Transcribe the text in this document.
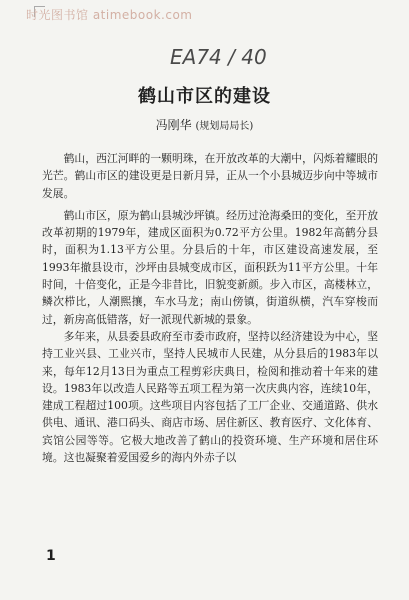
时光图书馆 atimebook.com
EA74 / 40
鹤山市区的建设

冯刚华 (规划局局长)

鹤山，西江河畔的一颗明珠，在开放改革的大潮中，闪烁着耀眼的光芒。鹤山市区的建设更是日新月异，正从一个小县城迈步向中等城市发展。

鹤山市区，原为鹤山县城沙坪镇。经历过沧海桑田的变化，至开放改革初期的1979年，建成区面积为0.72平方公里。1982年高鹤分县时，面积为1.13平方公里。分县后的十年，市区建设高速发展，至1993年撤县设市，沙坪由县城变成市区，面积跃为11平方公里。十年时间，十倍变化，正是今非昔比，旧貌变新颜。步入市区，高楼林立，鳞次栉比，人潮熙攘，车水马龙；南山傍镇，街道纵横，汽车穿梭而过，新房高低错落，好一派现代新城的景象。

多年来，从县委县政府至市委市政府，坚持以经济建设为中心，坚持工业兴县、工业兴市，坚持人民城市人民建，从分县后的1983年以来，每年12月13日为重点工程剪彩庆典日，检阅和推动着十年来的建设。1983年以改造人民路等五项工程为第一次庆典内容，连续10年，建成工程超过100项。这些项目内容包括了工厂企业、交通道路、供水供电、通讯、港口码头、商店市场、居住新区、教育医疗、文化体育、宾馆公园等等。它极大地改善了鹤山的投资环境、生产环境和居住环境。这也凝聚着爱国爱乡的海内外赤子以

1
